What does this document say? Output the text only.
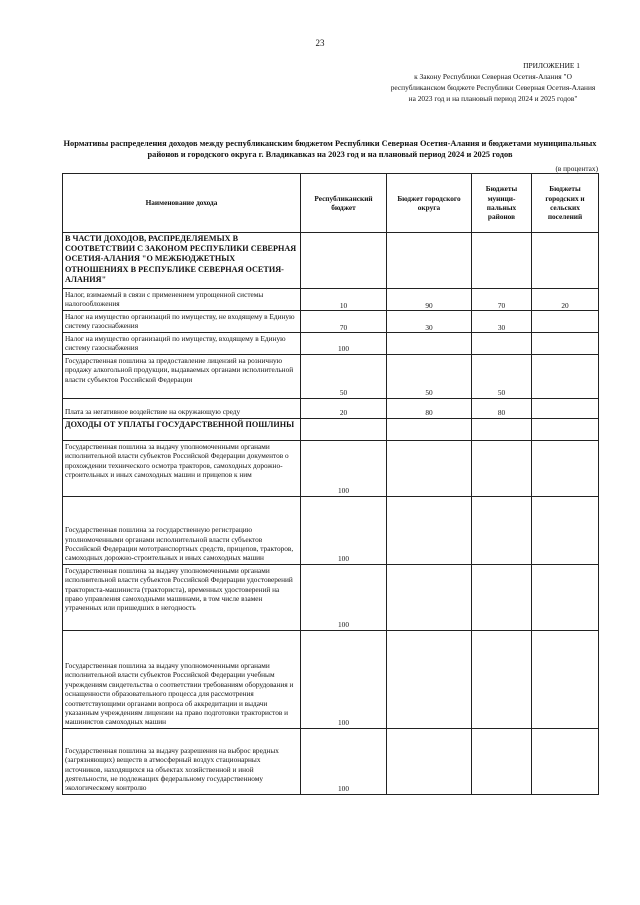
23
ПРИЛОЖЕНИЕ 1
к Закону Республики Северная Осетия-Алания "О республиканском бюджете Республики Северная Осетия-Алания на 2023 год и на плановый период 2024 и 2025 годов"
Нормативы распределения доходов между республиканским бюджетом Республики Северная Осетия-Алания и бюджетами муниципальных районов и городского округа г. Владикавказ на 2023 год и на плановый период 2024 и 2025 годов
(в процентах)
Наименование дохода	Республиканский бюджет	Бюджет городского округа	Бюджеты муници-пальных районов	Бюджеты городских и сельских поселений
В ЧАСТИ ДОХОДОВ, РАСПРЕДЕЛЯЕМЫХ В СООТВЕТСТВИИ С ЗАКОНОМ РЕСПУБЛИКИ СЕВЕРНАЯ ОСЕТИЯ-АЛАНИЯ "О МЕЖБЮДЖЕТНЫХ ОТНОШЕНИЯХ В РЕСПУБЛИКЕ СЕВЕРНАЯ ОСЕТИЯ-АЛАНИЯ"				
Налог, взимаемый в связи с применением упрощенной системы налогообложения	10	90	70	20
Налог на имущество организаций по имуществу, не входящему в Единую систему газоснабжения	70	30	30	
Налог на имущество организаций по имуществу, входящему в Единую систему газоснабжения	100			
Государственная пошлина за предоставление лицензий на розничную продажу алкогольной продукции, выдаваемых органами исполнительной власти субъектов Российской Федерации	50	50	50	
Плата за негативное воздействие на окружающую среду	20	80	80	
ДОХОДЫ ОТ УПЛАТЫ ГОСУДАРСТВЕННОЙ ПОШЛИНЫ				
Государственная пошлина за выдачу уполномоченными органами исполнительной власти субъектов Российской Федерации документов о прохождении технического осмотра тракторов, самоходных дорожно-строительных и иных самоходных машин и прицепов к ним	100			
Государственная пошлина за государственную регистрацию уполномоченными органами исполнительной власти субъектов Российской Федерации мототранспортных средств, прицепов, тракторов, самоходных дорожно-строительных и иных самоходных машин	100			
Государственная пошлина за выдачу уполномоченными органами исполнительной власти субъектов Российской Федерации удостоверений тракториста-машиниста (тракториста), временных удостоверений на право управления самоходными машинами, в том числе взамен утраченных или пришедших в негодность	100			
Государственная пошлина за выдачу уполномоченными органами исполнительной власти субъектов Российской Федерации учебным учреждениям свидетельства о соответствии требованиям оборудования и оснащенности образовательного процесса для рассмотрения соответствующими органами вопроса об аккредитации и выдачи указанным учреждениям лицензии на право подготовки трактористов и машинистов самоходных машин	100			
Государственная пошлина за выдачу разрешения на выброс вредных (загрязняющих) веществ в атмосферный воздух стационарных источников, находящихся на объектах хозяйственной и иной деятельности, не подлежащих федеральному государственному экологическому контролю	100			
